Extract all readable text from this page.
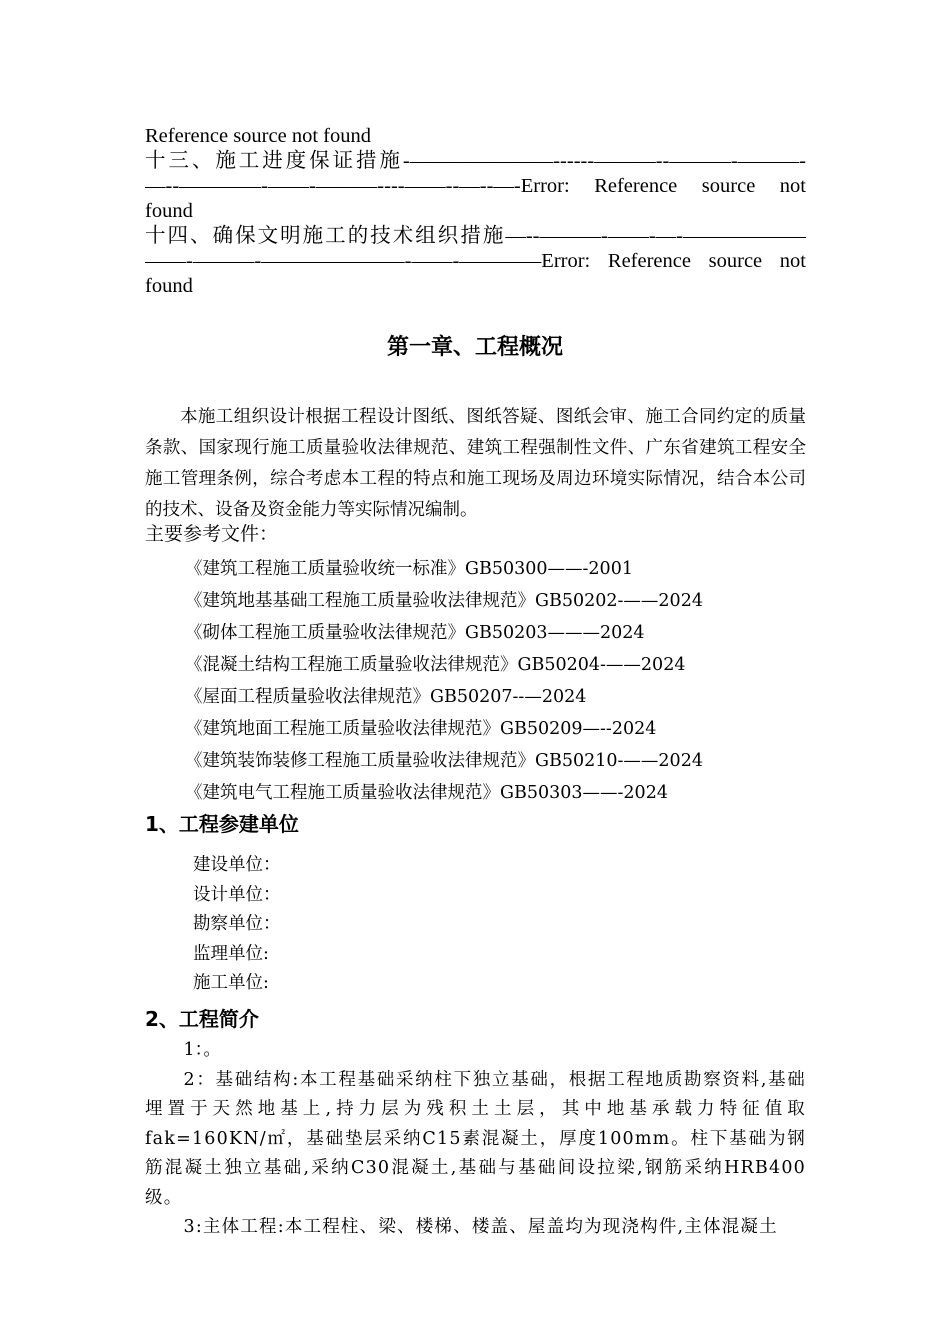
Reference source not found
十三、施工进度保证措施-———————------———--———-———-
—--————-——-———----——--—--—-Error: Reference source not
found
十四、确保文明施工的技术组织措施—--———-——-—-——————
——-———-———————-——-————Error: Reference source not
found
第一章、工程概况
本施工组织设计根据工程设计图纸、图纸答疑、图纸会审、施工合同约定的质量条款、国家现行施工质量验收法律规范、建筑工程强制性文件、广东省建筑工程安全施工管理条例，综合考虑本工程的特点和施工现场及周边环境实际情况，结合本公司的技术、设备及资金能力等实际情况编制。
主要参考文件：
《建筑工程施工质量验收统一标准》GB50300——-2001
《建筑地基基础工程施工质量验收法律规范》GB50202-——2024
《砌体工程施工质量验收法律规范》GB50203———2024
《混凝土结构工程施工质量验收法律规范》GB50204-——2024
《屋面工程质量验收法律规范》GB50207--—2024
《建筑地面工程施工质量验收法律规范》GB50209—--2024
《建筑装饰装修工程施工质量验收法律规范》GB50210-——2024
《建筑电气工程施工质量验收法律规范》GB50303——-2024
1、工程参建单位
建设单位：
设计单位：
勘察单位：
监理单位:
施工单位:
2、工程简介
1：。
2：基础结构:本工程基础采纳柱下独立基础，根据工程地质勘察资料,基础埋置于天然地基上,持力层为残积土土层，其中地基承载力特征值取fak=160KN/㎡，基础垫层采纳C15素混凝土，厚度100mm。柱下基础为钢筋混凝土独立基础,采纳C30混凝土,基础与基础间设拉梁,钢筋采纳HRB400级。
3:主体工程:本工程柱、梁、楼梯、楼盖、屋盖均为现浇构件,主体混凝土
